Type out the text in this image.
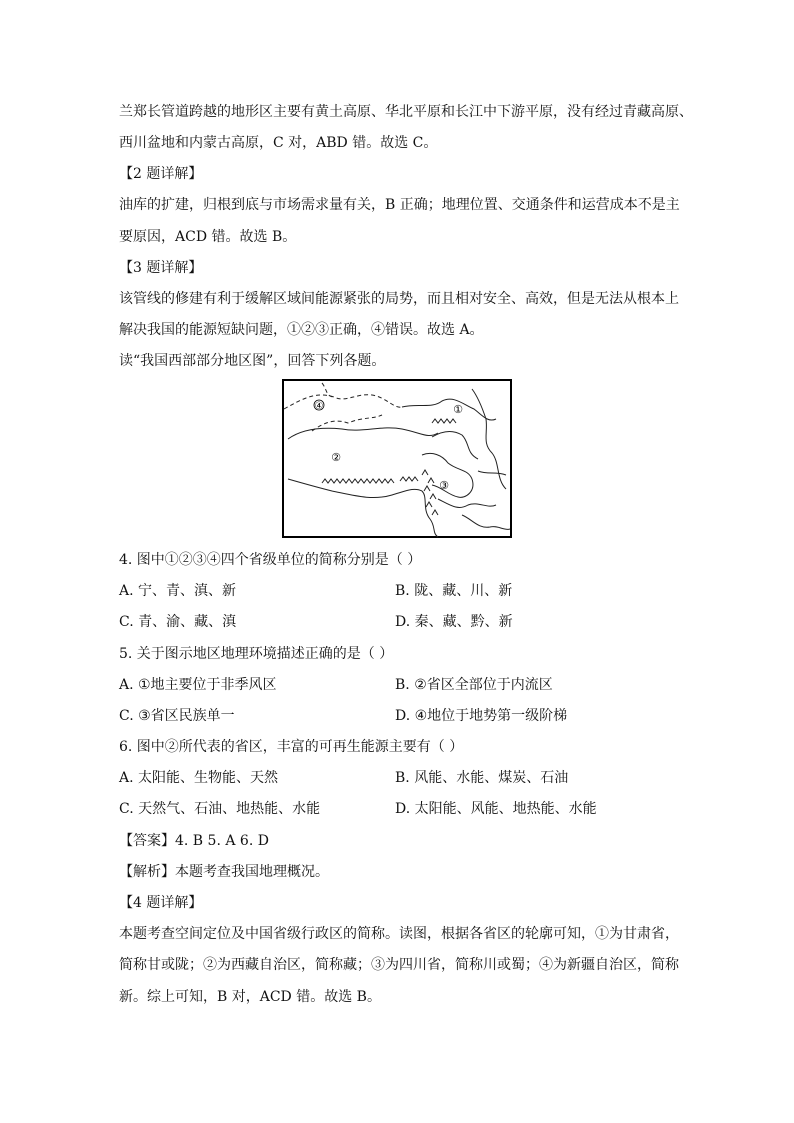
兰郑长管道跨越的地形区主要有黄土高原、华北平原和长江中下游平原，没有经过青藏高原、
西川盆地和内蒙古高原，C 对，ABD 错。故选 C。
【2 题详解】
油库的扩建，归根到底与市场需求量有关，B 正确；地理位置、交通条件和运营成本不是主
要原因，ACD 错。故选 B。
【3 题详解】
该管线的修建有利于缓解区域间能源紧张的局势，而且相对安全、高效，但是无法从根本上
解决我国的能源短缺问题，①②③正确，④错误。故选 A。
读“我国西部部分地区图”，回答下列各题。
④
②
①
③
4. 图中①②③④四个省级单位的简称分别是（ ）
A. 宁、青、滇、新	B. 陇、藏、川、新
C. 青、渝、藏、滇	D. 秦、藏、黔、新
5. 关于图示地区地理环境描述正确的是（ ）
A. ①地主要位于非季风区	B. ②省区全部位于内流区
C. ③省区民族单一	D. ④地位于地势第一级阶梯
6. 图中②所代表的省区，丰富的可再生能源主要有（ ）
A. 太阳能、生物能、天然	B. 风能、水能、煤炭、石油
C. 天然气、石油、地热能、水能	D. 太阳能、风能、地热能、水能
【答案】4. B 5. A 6. D
【解析】本题考查我国地理概况。
【4 题详解】
本题考查空间定位及中国省级行政区的简称。读图，根据各省区的轮廓可知，①为甘肃省，
简称甘或陇；②为西藏自治区，简称藏；③为四川省，简称川或蜀；④为新疆自治区，简称
新。综上可知，B 对，ACD 错。故选 B。
